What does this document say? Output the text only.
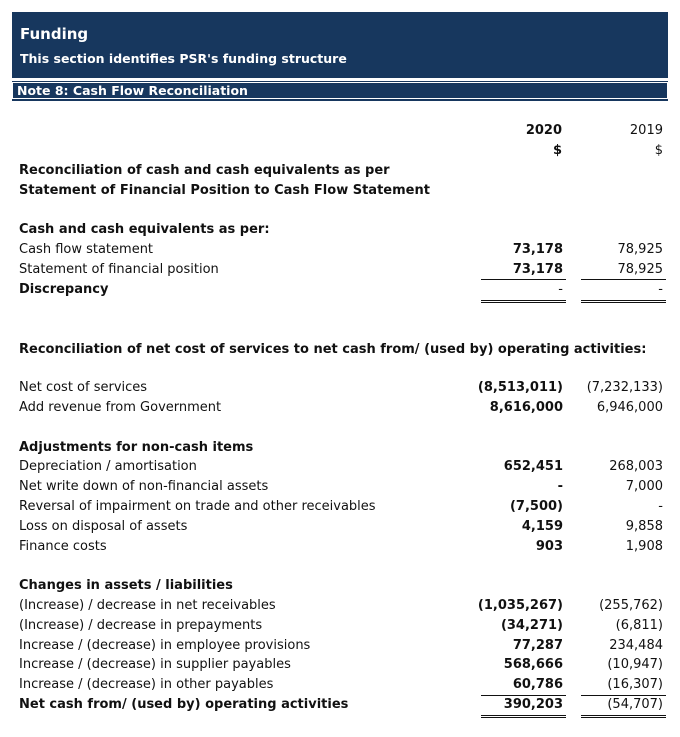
Funding
This section identifies PSR's funding structure
Note 8: Cash Flow Reconciliation
2020	2019
$	$
Reconciliation of cash and cash equivalents as per
Statement of Financial Position to Cash Flow Statement
Cash and cash equivalents as per:
Cash flow statement	73,178	78,925
Statement of financial position	73,178	78,925
Discrepancy	-	-
Reconciliation of net cost of services to net cash from/ (used by) operating activities:
Net cost of services	(8,513,011)	(7,232,133)
Add revenue from Government	8,616,000	6,946,000
Adjustments for non-cash items
Depreciation / amortisation	652,451	268,003
Net write down of non-financial assets	-	7,000
Reversal of impairment on trade and other receivables	(7,500)	-
Loss on disposal of assets	4,159	9,858
Finance costs	903	1,908
Changes in assets / liabilities
(Increase) / decrease in net receivables	(1,035,267)	(255,762)
(Increase) / decrease in prepayments	(34,271)	(6,811)
Increase / (decrease) in employee provisions	77,287	234,484
Increase / (decrease) in supplier payables	568,666	(10,947)
Increase / (decrease) in other payables	60,786	(16,307)
Net cash from/ (used by) operating activities	390,203	(54,707)
